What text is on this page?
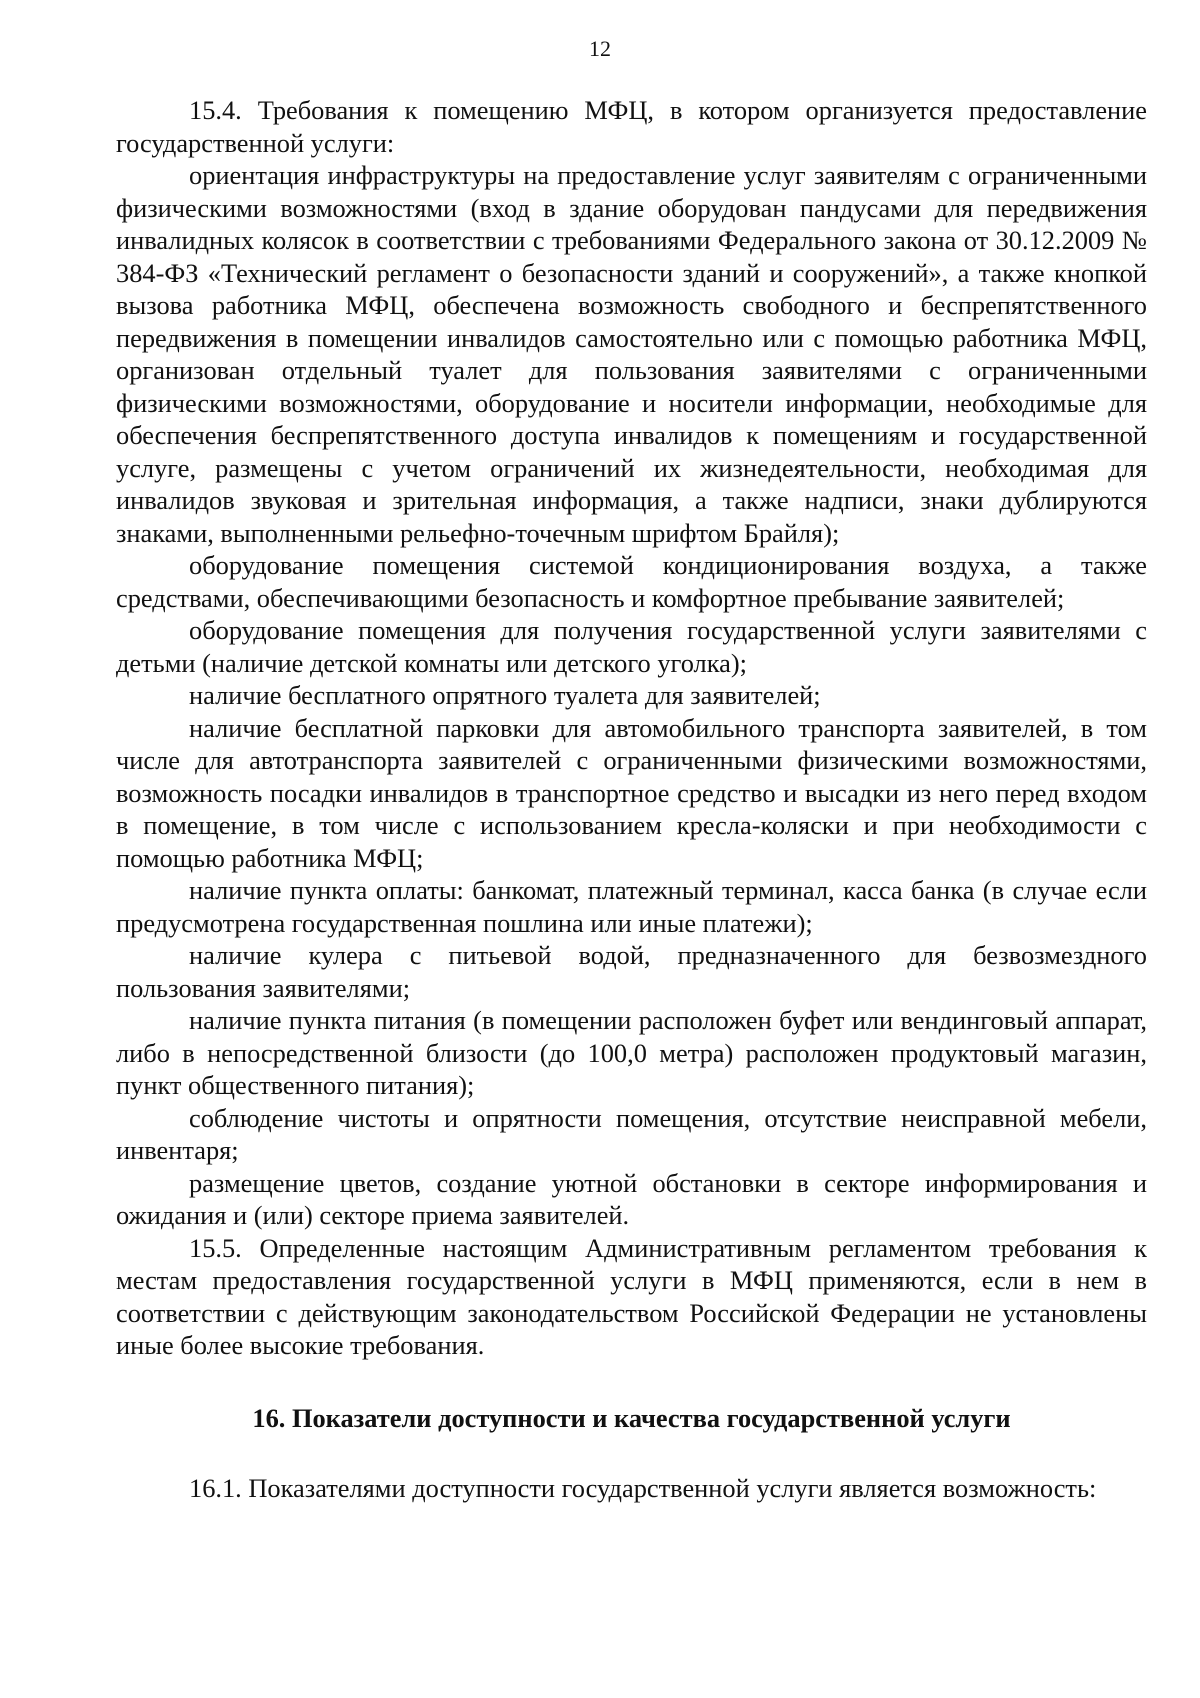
12

15.4. Требования к помещению МФЦ, в котором организуется предоставление государственной услуги:

ориентация инфраструктуры на предоставление услуг заявителям с ограниченными физическими возможностями (вход в здание оборудован пандусами для передвижения инвалидных колясок в соответствии с требованиями Федерального закона от 30.12.2009 № 384-ФЗ «Технический регламент о безопасности зданий и сооружений», а также кнопкой вызова работника МФЦ, обеспечена возможность свободного и беспрепятственного передвижения в помещении инвалидов самостоятельно или с помощью работника МФЦ, организован отдельный туалет для пользования заявителями с ограниченными физическими возможностями, оборудование и носители информации, необходимые для обеспечения беспрепятственного доступа инвалидов к помещениям и государственной услуге, размещены с учетом ограничений их жизнедеятельности, необходимая для инвалидов звуковая и зрительная информация, а также надписи, знаки дублируются знаками, выполненными рельефно-точечным шрифтом Брайля);

оборудование помещения системой кондиционирования воздуха, а также средствами, обеспечивающими безопасность и комфортное пребывание заявителей;

оборудование помещения для получения государственной услуги заявителями с детьми (наличие детской комнаты или детского уголка);

наличие бесплатного опрятного туалета для заявителей;

наличие бесплатной парковки для автомобильного транспорта заявителей, в том числе для автотранспорта заявителей с ограниченными физическими возможностями, возможность посадки инвалидов в транспортное средство и высадки из него перед входом в помещение, в том числе с использованием кресла-коляски и при необходимости с помощью работника МФЦ;

наличие пункта оплаты: банкомат, платежный терминал, касса банка (в случае если предусмотрена государственная пошлина или иные платежи);

наличие кулера с питьевой водой, предназначенного для безвозмездного пользования заявителями;

наличие пункта питания (в помещении расположен буфет или вендинговый аппарат, либо в непосредственной близости (до 100,0 метра) расположен продуктовый магазин, пункт общественного питания);

соблюдение чистоты и опрятности помещения, отсутствие неисправной мебели, инвентаря;

размещение цветов, создание уютной обстановки в секторе информирования и ожидания и (или) секторе приема заявителей.

15.5. Определенные настоящим Административным регламентом требования к местам предоставления государственной услуги в МФЦ применяются, если в нем в соответствии с действующим законодательством Российской Федерации не установлены иные более высокие требования.

16. Показатели доступности и качества государственной услуги

16.1. Показателями доступности государственной услуги является возможность:
